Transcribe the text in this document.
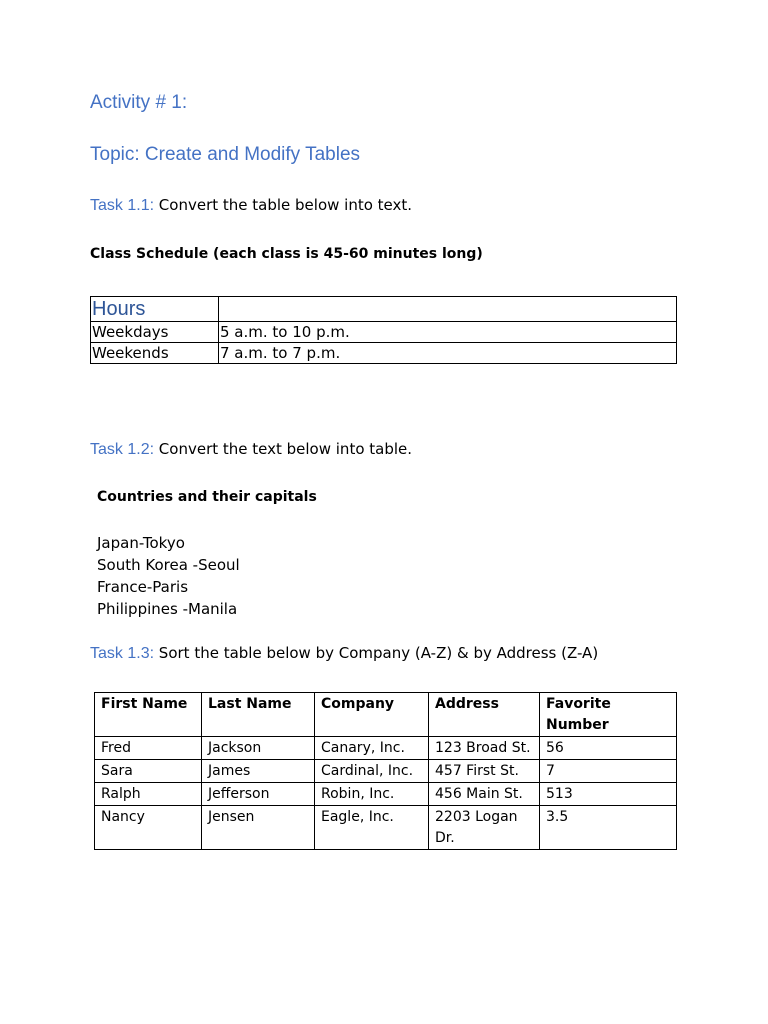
Activity # 1:
Topic: Create and Modify Tables
Task 1.1: Convert the table below into text.
Class Schedule (each class is 45-60 minutes long)
Hours	
Weekdays	5 a.m. to 10 p.m.
Weekends	7 a.m. to 7 p.m.
Task 1.2: Convert the text below into table.
Countries and their capitals
Japan-Tokyo
South Korea -Seoul
France-Paris
Philippines -Manila
Task 1.3: Sort the table below by Company (A-Z) & by Address (Z-A)
First Name	Last Name	Company	Address	Favorite Number
Fred	Jackson	Canary, Inc.	123 Broad St.	56
Sara	James	Cardinal, Inc.	457 First St.	7
Ralph	Jefferson	Robin, Inc.	456 Main St.	513
Nancy	Jensen	Eagle, Inc.	2203 Logan Dr.	3.5
